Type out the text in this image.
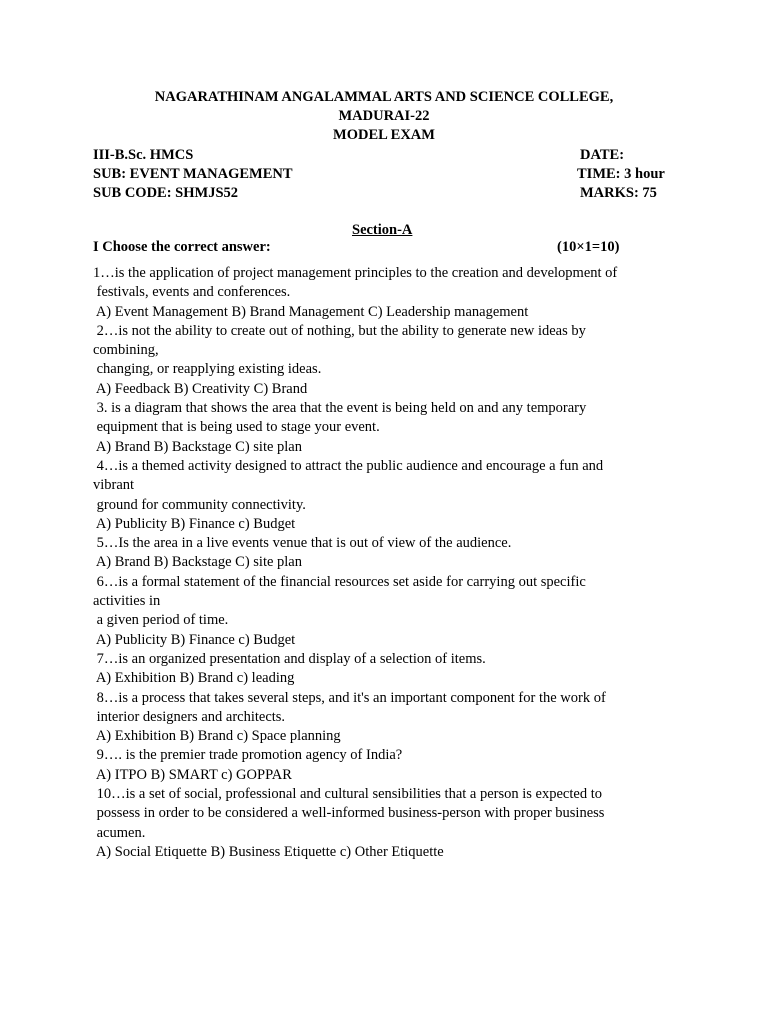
NAGARATHINAM ANGALAMMAL ARTS AND SCIENCE COLLEGE,
MADURAI-22
MODEL EXAM
III-B.Sc. HMCS
SUB: EVENT MANAGEMENT
SUB CODE: SHMJS52
DATE:
TIME: 3 hour
MARKS: 75
Section-A
I Choose the correct answer:	(10×1=10)
1…is the application of project management principles to the creation and development of
festivals, events and conferences.
A) Event Management B) Brand Management C) Leadership management
2…is not the ability to create out of nothing, but the ability to generate new ideas by
combining,
changing, or reapplying existing ideas.
A) Feedback B) Creativity C) Brand
3. is a diagram that shows the area that the event is being held on and any temporary
equipment that is being used to stage your event.
A) Brand B) Backstage C) site plan
4…is a themed activity designed to attract the public audience and encourage a fun and
vibrant
ground for community connectivity.
A) Publicity B) Finance c) Budget
5…Is the area in a live events venue that is out of view of the audience.
A) Brand B) Backstage C) site plan
6…is a formal statement of the financial resources set aside for carrying out specific
activities in
a given period of time.
A) Publicity B) Finance c) Budget
7…is an organized presentation and display of a selection of items.
A) Exhibition B) Brand c) leading
8…is a process that takes several steps, and it's an important component for the work of
interior designers and architects.
A) Exhibition B) Brand c) Space planning
9…. is the premier trade promotion agency of India?
A) ITPO B) SMART c) GOPPAR
10…is a set of social, professional and cultural sensibilities that a person is expected to
possess in order to be considered a well-informed business-person with proper business
acumen.
A) Social Etiquette B) Business Etiquette c) Other Etiquette
